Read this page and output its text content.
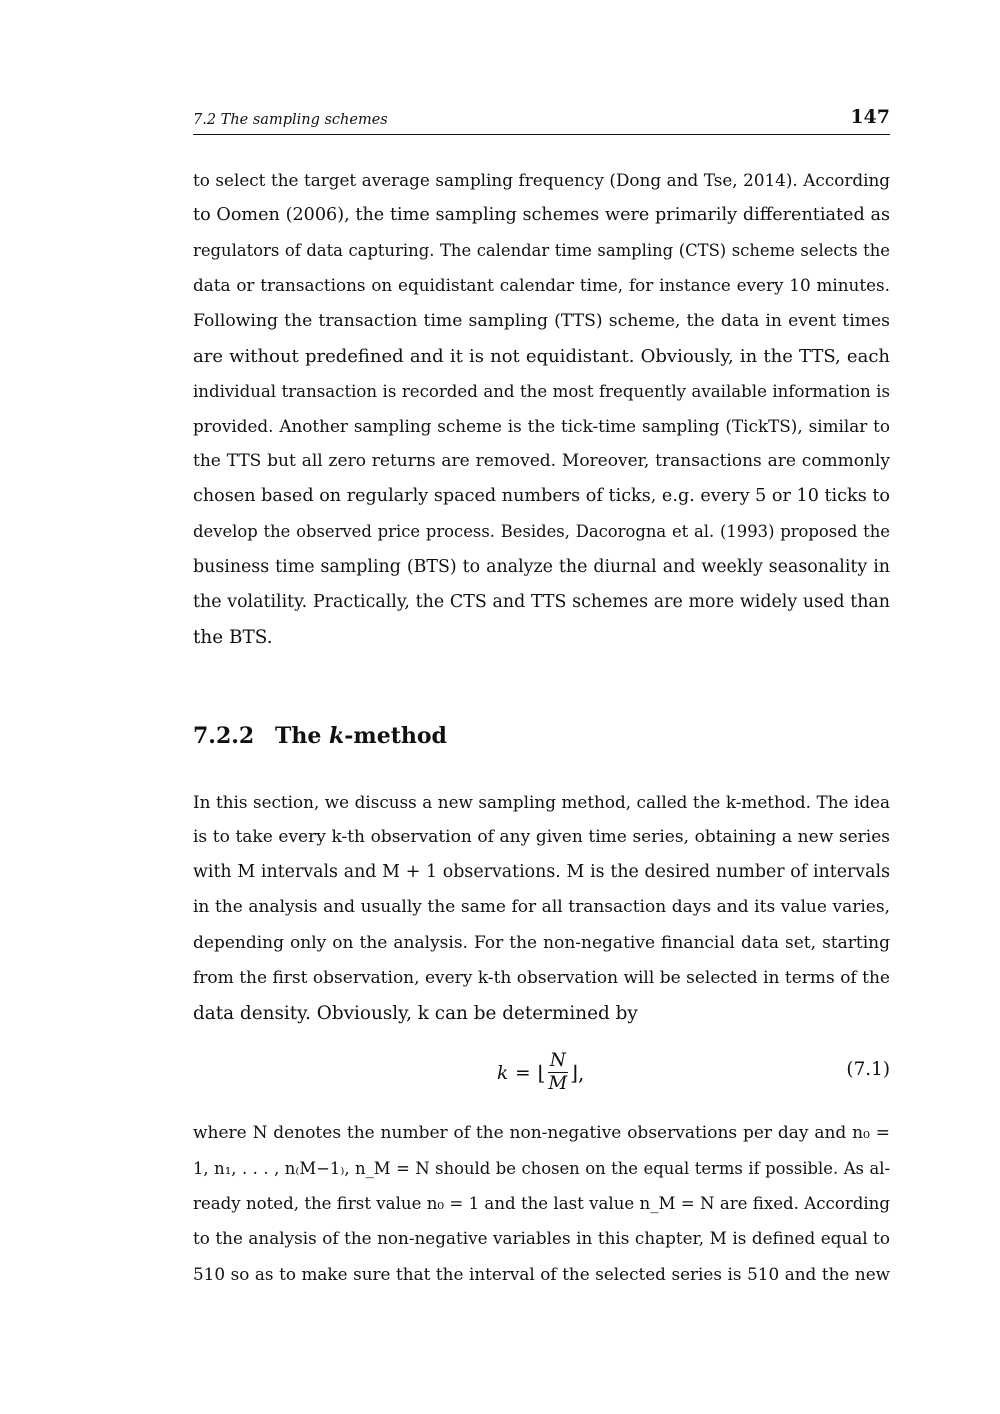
7.2 The sampling schemes	147
to select the target average sampling frequency (Dong and Tse, 2014). According
to Oomen (2006), the time sampling schemes were primarily differentiated as
regulators of data capturing. The calendar time sampling (CTS) scheme selects the
data or transactions on equidistant calendar time, for instance every 10 minutes.
Following the transaction time sampling (TTS) scheme, the data in event times
are without predefined and it is not equidistant. Obviously, in the TTS, each
individual transaction is recorded and the most frequently available information is
provided. Another sampling scheme is the tick-time sampling (TickTS), similar to
the TTS but all zero returns are removed. Moreover, transactions are commonly
chosen based on regularly spaced numbers of ticks, e.g. every 5 or 10 ticks to
develop the observed price process. Besides, Dacorogna et al. (1993) proposed the
business time sampling (BTS) to analyze the diurnal and weekly seasonality in
the volatility. Practically, the CTS and TTS schemes are more widely used than
the BTS.
7.2.2 The k-method
In this section, we discuss a new sampling method, called the k-method. The idea
is to take every k-th observation of any given time series, obtaining a new series
with M intervals and M + 1 observations. M is the desired number of intervals
in the analysis and usually the same for all transaction days and its value varies,
depending only on the analysis. For the non-negative financial data set, starting
from the first observation, every k-th observation will be selected in terms of the
data density. Obviously, k can be determined by
k = ⌊ $\frac{N}{M}$ ⌋,	(7.1)
where N denotes the number of the non-negative observations per day and n₀ =
1, n₁, . . . , n₍M−1₎, n_M = N should be chosen on the equal terms if possible. As al-
ready noted, the first value n₀ = 1 and the last value n_M = N are fixed. According
to the analysis of the non-negative variables in this chapter, M is defined equal to
510 so as to make sure that the interval of the selected series is 510 and the new
